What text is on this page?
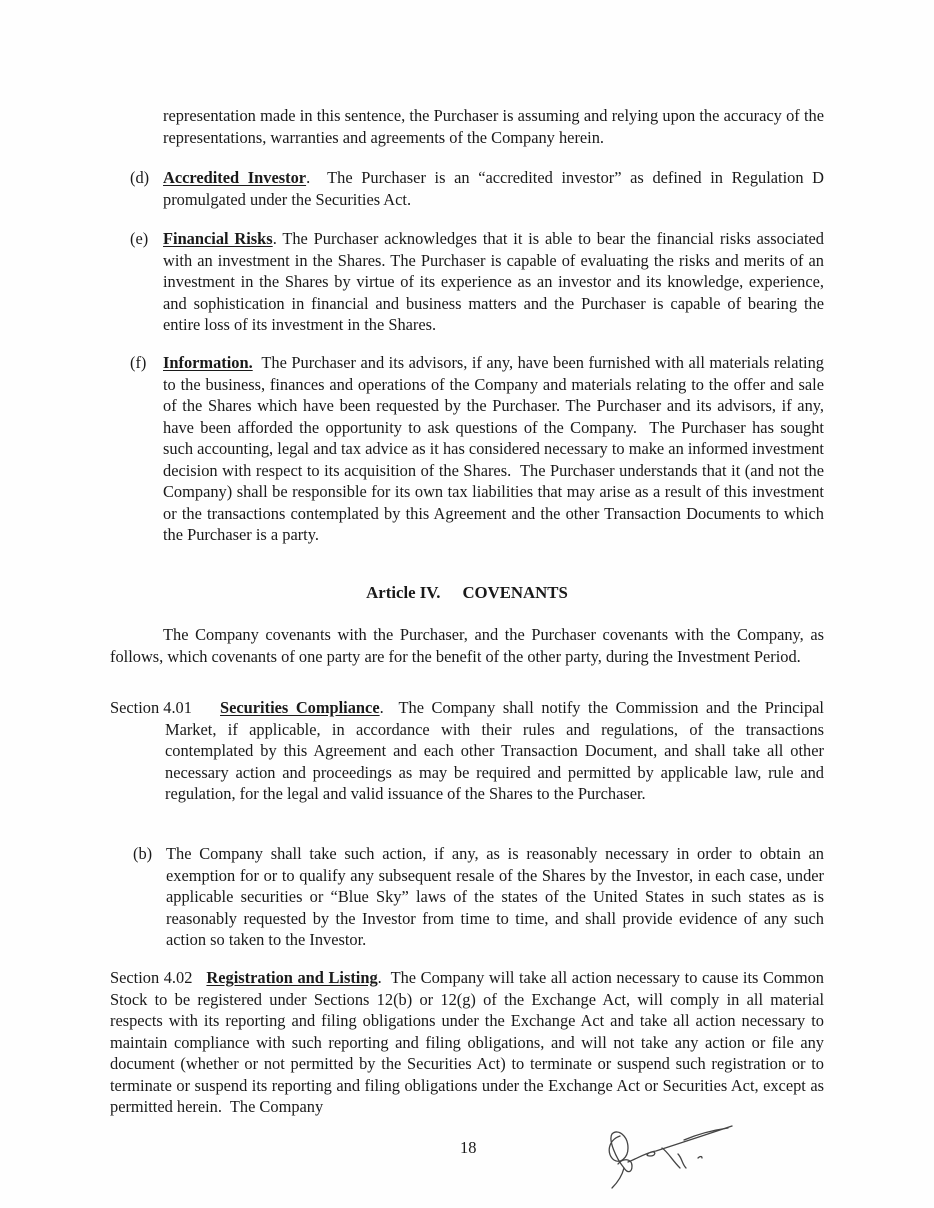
representation made in this sentence, the Purchaser is assuming and relying upon the accuracy of the representations, warranties and agreements of the Company herein.
(d) Accredited Investor.  The Purchaser is an “accredited investor” as defined in Regulation D promulgated under the Securities Act.
(e) Financial Risks. The Purchaser acknowledges that it is able to bear the financial risks associated with an investment in the Shares. The Purchaser is capable of evaluating the risks and merits of an investment in the Shares by virtue of its experience as an investor and its knowledge, experience, and sophistication in financial and business matters and the Purchaser is capable of bearing the entire loss of its investment in the Shares.
(f) Information.  The Purchaser and its advisors, if any, have been furnished with all materials relating to the business, finances and operations of the Company and materials relating to the offer and sale of the Shares which have been requested by the Purchaser. The Purchaser and its advisors, if any, have been afforded the opportunity to ask questions of the Company.  The Purchaser has sought such accounting, legal and tax advice as it has considered necessary to make an informed investment decision with respect to its acquisition of the Shares.  The Purchaser understands that it (and not the Company) shall be responsible for its own tax liabilities that may arise as a result of this investment or the transactions contemplated by this Agreement and the other Transaction Documents to which the Purchaser is a party.
Article IV. COVENANTS
The Company covenants with the Purchaser, and the Purchaser covenants with the Company, as follows, which covenants of one party are for the benefit of the other party, during the Investment Period.
Section 4.01	Securities Compliance.  The Company shall notify the Commission and the Principal Market, if applicable, in accordance with their rules and regulations, of the transactions contemplated by this Agreement and each other Transaction Document, and shall take all other necessary action and proceedings as may be required and permitted by applicable law, rule and regulation, for the legal and valid issuance of the Shares to the Purchaser.
(b) The Company shall take such action, if any, as is reasonably necessary in order to obtain an exemption for or to qualify any subsequent resale of the Shares by the Investor, in each case, under applicable securities or “Blue Sky” laws of the states of the United States in such states as is reasonably requested by the Investor from time to time, and shall provide evidence of any such action so taken to the Investor.
Section 4.02 Registration and Listing.  The Company will take all action necessary to cause its Common Stock to be registered under Sections 12(b) or 12(g) of the Exchange Act, will comply in all material respects with its reporting and filing obligations under the Exchange Act and take all action necessary to maintain compliance with such reporting and filing obligations, and will not take any action or file any document (whether or not permitted by the Securities Act) to terminate or suspend such registration or to terminate or suspend its reporting and filing obligations under the Exchange Act or Securities Act, except as permitted herein.  The Company
18
